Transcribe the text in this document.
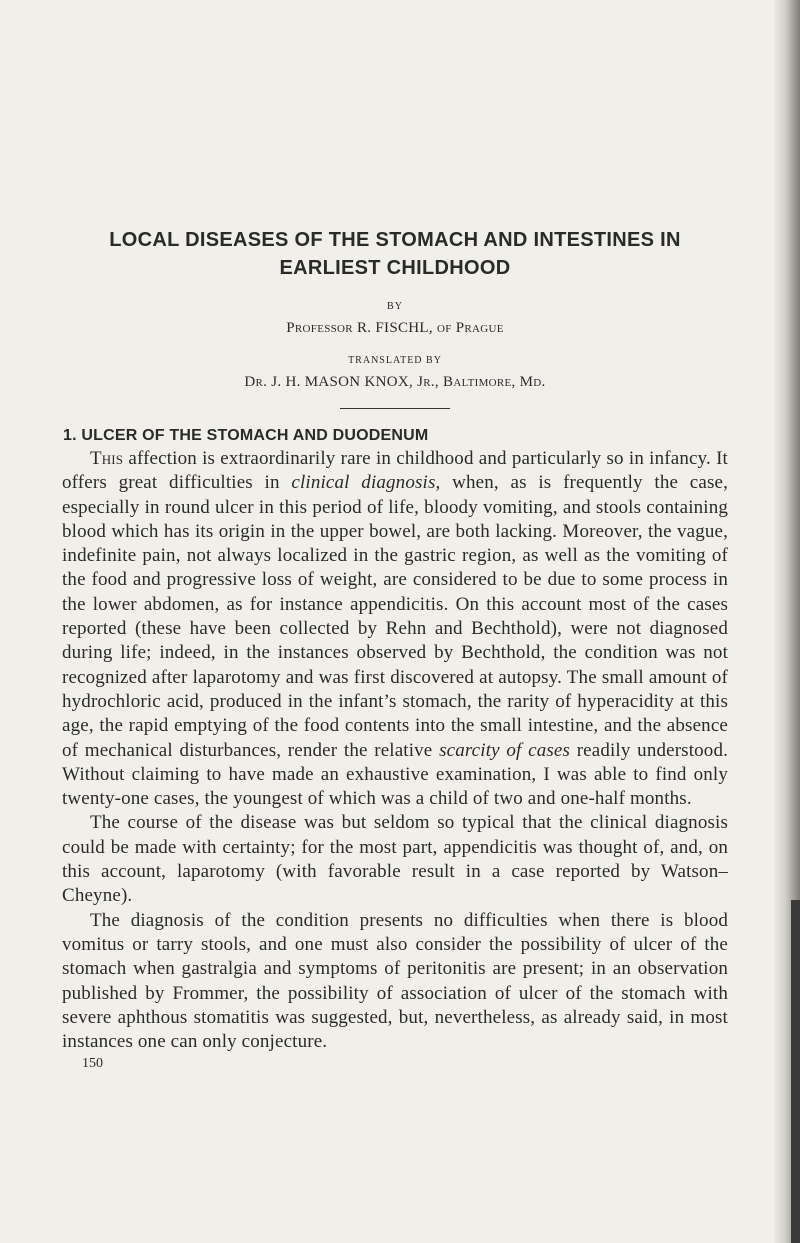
LOCAL DISEASES OF THE STOMACH AND INTESTINES IN

EARLIEST CHILDHOOD

BY

Professor R. FISCHL, of Prague

TRANSLATED BY

Dr. J. H. MASON KNOX, Jr., Baltimore, Md.

1. ULCER OF THE STOMACH AND DUODENUM

This affection is extraordinarily rare in childhood and particularly so in infancy. It offers great difficulties in clinical diagnosis, when, as is frequently the case, especially in round ulcer in this period of life, bloody vomiting, and stools containing blood which has its origin in the upper bowel, are both lacking. Moreover, the vague, indefinite pain, not always localized in the gastric region, as well as the vomiting of the food and progressive loss of weight, are considered to be due to some process in the lower abdomen, as for instance appendicitis. On this account most of the cases reported (these have been collected by Rehn and Bechthold), were not diagnosed during life; indeed, in the instances observed by Bechthold, the condition was not recognized after laparotomy and was first discovered at autopsy. The small amount of hydrochloric acid, produced in the infant’s stomach, the rarity of hyperacidity at this age, the rapid emptying of the food contents into the small intestine, and the absence of mechanical disturbances, render the relative scarcity of cases readily understood. Without claiming to have made an exhaustive examination, I was able to find only twenty-one cases, the youngest of which was a child of two and one-half months.

The course of the disease was but seldom so typical that the clinical diagnosis could be made with certainty; for the most part, appendicitis was thought of, and, on this account, laparotomy (with favorable result in a case reported by Watson–Cheyne).

The diagnosis of the condition presents no difficulties when there is blood vomitus or tarry stools, and one must also consider the possibility of ulcer of the stomach when gastralgia and symptoms of peritonitis are present; in an observation published by Frommer, the possibility of association of ulcer of the stomach with severe aphthous stomatitis was suggested, but, nevertheless, as already said, in most instances one can only conjecture.

150
